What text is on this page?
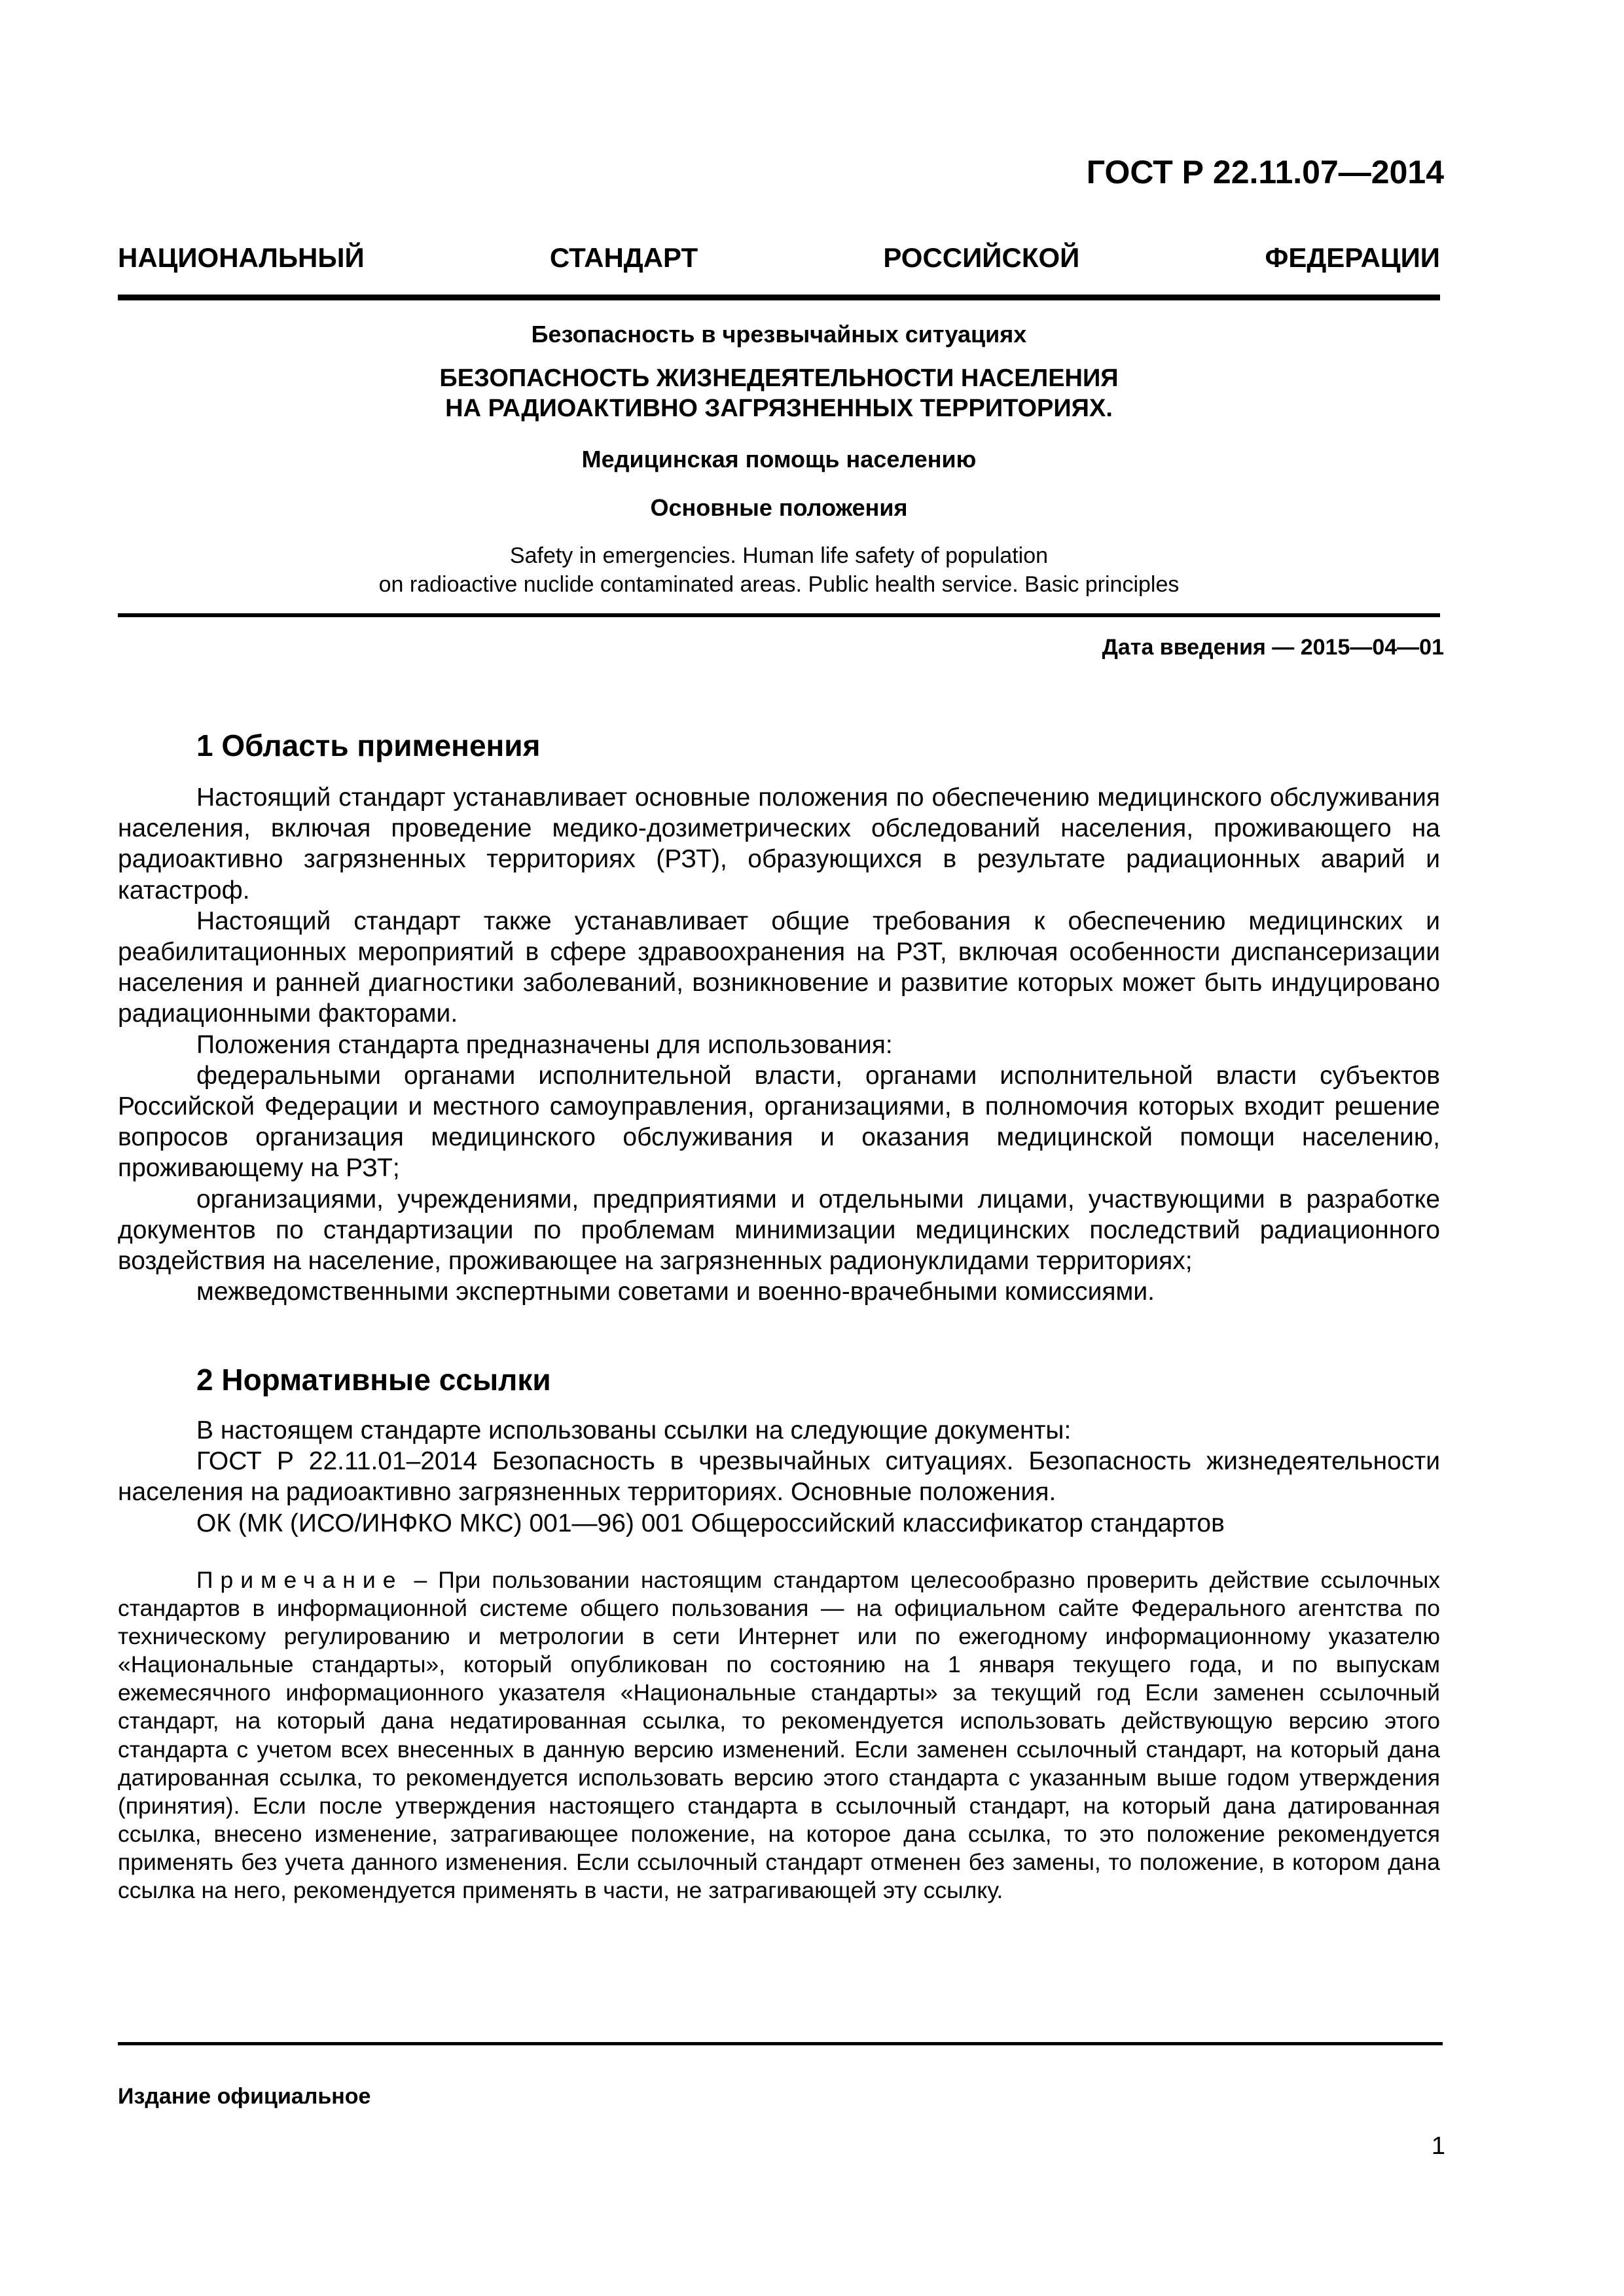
ГОСТ Р 22.11.07—2014
НАЦИОНАЛЬНЫЙ СТАНДАРТ РОССИЙСКОЙ ФЕДЕРАЦИИ
Безопасность в чрезвычайных ситуациях
БЕЗОПАСНОСТЬ ЖИЗНЕДЕЯТЕЛЬНОСТИ НАСЕЛЕНИЯ
НА РАДИОАКТИВНО ЗАГРЯЗНЕННЫХ ТЕРРИТОРИЯХ.
Медицинская помощь населению
Основные положения
Safety in emergencies. Human life safety of population
on radioactive nuclide contaminated areas. Public health service. Basic principles
Дата введения — 2015—04—01
1 Область применения

Настоящий стандарт устанавливает основные положения по обеспечению медицинского обслуживания населения, включая проведение медико-дозиметрических обследований населения, проживающего на радиоактивно загрязненных территориях (РЗТ), образующихся в результате радиационных аварий и катастроф.

Настоящий стандарт также устанавливает общие требования к обеспечению медицинских и реабилитационных мероприятий в сфере здравоохранения на РЗТ, включая особенности диспансеризации населения и ранней диагностики заболеваний, возникновение и развитие которых может быть индуцировано радиационными факторами.

Положения стандарта предназначены для использования:

федеральными органами исполнительной власти, органами исполнительной власти субъектов Российской Федерации и местного самоуправления, организациями, в полномочия которых входит решение вопросов организация медицинского обслуживания и оказания медицинской помощи населению, проживающему на РЗТ;

организациями, учреждениями, предприятиями и отдельными лицами, участвующими в разработке документов по стандартизации по проблемам минимизации медицинских последствий радиационного воздействия на население, проживающее на загрязненных радионуклидами территориях;

межведомственными экспертными советами и военно-врачебными комиссиями.

2 Нормативные ссылки

В настоящем стандарте использованы ссылки на следующие документы:

ГОСТ Р 22.11.01–2014 Безопасность в чрезвычайных ситуациях. Безопасность жизнедеятельности населения на радиоактивно загрязненных территориях. Основные положения.

ОК (МК (ИСО/ИНФКО МКС) 001—96) 001 Общероссийский классификатор стандартов

Примечание – При пользовании настоящим стандартом целесообразно проверить действие ссылочных стандартов в информационной системе общего пользования — на официальном сайте Федерального агентства по техническому регулированию и метрологии в сети Интернет или по ежегодному информационному указателю «Национальные стандарты», который опубликован по состоянию на 1 января текущего года, и по выпускам ежемесячного информационного указателя «Национальные стандарты» за текущий год Если заменен ссылочный стандарт, на который дана недатированная ссылка, то рекомендуется использовать действующую версию этого стандарта с учетом всех внесенных в данную версию изменений. Если заменен ссылочный стандарт, на который дана датированная ссылка, то рекомендуется использовать версию этого стандарта с указанным выше годом утверждения (принятия). Если после утверждения настоящего стандарта в ссылочный стандарт, на который дана датированная ссылка, внесено изменение, затрагивающее положение, на которое дана ссылка, то это положение рекомендуется применять без учета данного изменения. Если ссылочный стандарт отменен без замены, то положение, в котором дана ссылка на него, рекомендуется применять в части, не затрагивающей эту ссылку.
Издание официальное
1
